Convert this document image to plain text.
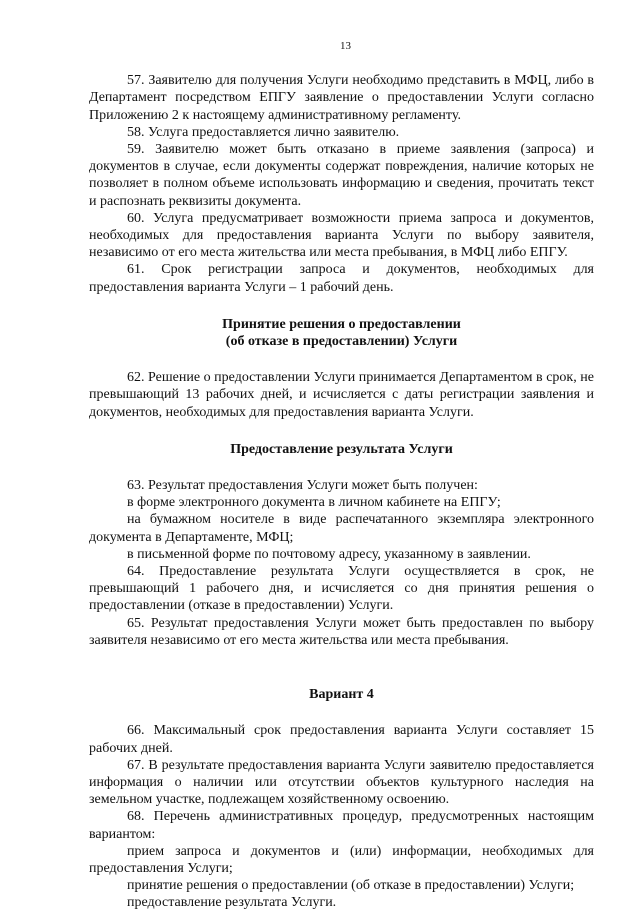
13

57. Заявителю для получения Услуги необходимо представить в МФЦ, либо в Департамент посредством ЕПГУ заявление о предоставлении Услуги согласно Приложению 2 к настоящему административному регламенту.

58. Услуга предоставляется лично заявителю.

59. Заявителю может быть отказано в приеме заявления (запроса) и документов в случае, если документы содержат повреждения, наличие которых не позволяет в полном объеме использовать информацию и сведения, прочитать текст и распознать реквизиты документа.

60. Услуга предусматривает возможности приема запроса и документов, необходимых для предоставления варианта Услуги по выбору заявителя, независимо от его места жительства или места пребывания, в МФЦ либо ЕПГУ.

61. Срок регистрации запроса и документов, необходимых для предоставления варианта Услуги – 1 рабочий день.

Принятие решения о предоставлении
(об отказе в предоставлении) Услуги

62. Решение о предоставлении Услуги принимается Департаментом в срок, не превышающий 13 рабочих дней, и исчисляется с даты регистрации заявления и документов, необходимых для предоставления варианта Услуги.

Предоставление результата Услуги

63. Результат предоставления Услуги может быть получен:

в форме электронного документа в личном кабинете на ЕПГУ;

на бумажном носителе в виде распечатанного экземпляра электронного документа в Департаменте, МФЦ;

в письменной форме по почтовому адресу, указанному в заявлении.

64. Предоставление результата Услуги осуществляется в срок, не превышающий 1 рабочего дня, и исчисляется со дня принятия решения о предоставлении (отказе в предоставлении) Услуги.

65. Результат предоставления Услуги может быть предоставлен по выбору заявителя независимо от его места жительства или места пребывания.

Вариант 4

66. Максимальный срок предоставления варианта Услуги составляет 15 рабочих дней.

67. В результате предоставления варианта Услуги заявителю предоставляется информация о наличии или отсутствии объектов культурного наследия на земельном участке, подлежащем хозяйственному освоению.

68. Перечень административных процедур, предусмотренных настоящим вариантом:

прием запроса и документов и (или) информации, необходимых для предоставления Услуги;

принятие решения о предоставлении (об отказе в предоставлении) Услуги;

предоставление результата Услуги.
